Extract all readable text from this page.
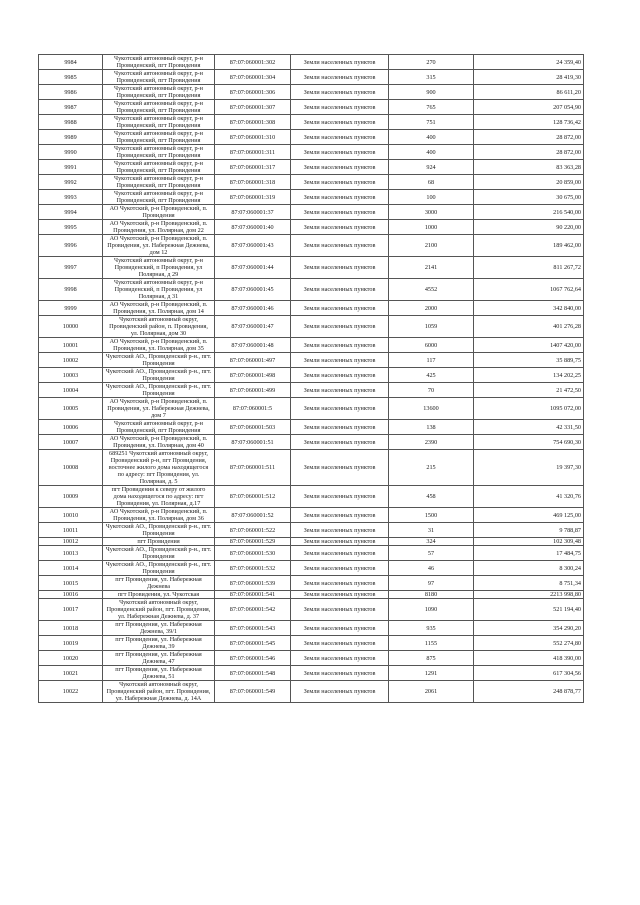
9984	Чукотский автономный округ, р-н Провиденский, пгт Провидения	87:07:060001:302	Земли населенных пунктов	270	24 359,40
9985	Чукотский автономный округ, р-н Провиденский, пгт Провидения	87:07:060001:304	Земли населенных пунктов	315	28 419,30
9986	Чукотский автономный округ, р-н Провиденский, пгт Провидения	87:07:060001:306	Земли населенных пунктов	900	86 611,20
9987	Чукотский автономный округ, р-н Провиденский, пгт Провидения	87:07:060001:307	Земли населенных пунктов	765	207 054,90
9988	Чукотский автономный округ, р-н Провиденский, пгт Провидения	87:07:060001:308	Земли населенных пунктов	751	128 736,42
9989	Чукотский автономный округ, р-н Провиденский, пгт Провидения	87:07:060001:310	Земли населенных пунктов	400	28 872,00
9990	Чукотский автономный округ, р-н Провиденский, пгт Провидения	87:07:060001:311	Земли населенных пунктов	400	28 872,00
9991	Чукотский автономный округ, р-н Провиденский, пгт Провидения	87:07:060001:317	Земли населенных пунктов	924	83 363,28
9992	Чукотский автономный округ, р-н Провиденский, пгт Провидения	87:07:060001:318	Земли населенных пунктов	68	20 859,00
9993	Чукотский автономный округ, р-н Провиденский, пгт Провидения	87:07:060001:319	Земли населенных пунктов	100	30 675,00
9994	АО Чукотский, р-н Провиденский, п. Провидения	87:07:060001:37	Земли населенных пунктов	3000	216 540,00
9995	АО Чукотский, р-н Провиденский, п. Провидения, ул. Полярная, дом 22	87:07:060001:40	Земли населенных пунктов	1000	90 220,00
9996	АО Чукотский, р-н Провиденский, п. Провидения, ул. Набережная Дежнева, дом 12	87:07:060001:43	Земли населенных пунктов	2100	189 462,00
9997	Чукотский автономный округ, р-н Провиденский, п Провидения, ул Полярная, д 29	87:07:060001:44	Земли населенных пунктов	2141	811 267,72
9998	Чукотский автономный округ, р-н Провиденский, п Провидения, ул Полярная, д 31	87:07:060001:45	Земли населенных пунктов	4552	1067 762,64
9999	АО Чукотский, р-н Провиденский, п. Провидения, ул. Полярная, дом 14	87:07:060001:46	Земли населенных пунктов	2000	342 840,00
10000	Чукотский автономный округ, Провиденский район, п. Провидения, ул. Полярная, дом 30	87:07:060001:47	Земли населенных пунктов	1059	401 276,28
10001	АО Чукотский, р-н Провиденский, п. Провидения, ул. Полярная, дом 35	87:07:060001:48	Земли населенных пунктов	6000	1407 420,00
10002	Чукотский АО., Провиденский р-н., пгт. Провидения	87:07:060001:497	Земли населенных пунктов	117	35 889,75
10003	Чукотский АО., Провиденский р-н., пгт. Провидения	87:07:060001:498	Земли населенных пунктов	425	134 202,25
10004	Чукотский АО., Провиденский р-н., пгт. Провидения	87:07:060001:499	Земли населенных пунктов	70	21 472,50
10005	АО Чукотский, р-н Провиденский, п. Провидения, ул. Набережная Дежнева, дом 7	87:07:060001:5	Земли населенных пунктов	13600	1095 072,00
10006	Чукотский автономный округ, р-н Провиденский, пгт Провидения	87:07:060001:503	Земли населенных пунктов	138	42 331,50
10007	АО Чукотский, р-н Провиденский, п. Провидения, ул. Полярная, дом 40	87:07:060001:51	Земли населенных пунктов	2390	754 690,30
10008	689251 Чукотский автономный округ, Провиденский р-н, пгт Провидения, восточнее жилого дома находящегося по адресу: пгт Провидения, ул. Полярная, д. 5	87:07:060001:511	Земли населенных пунктов	215	19 397,30
10009	пгт Провидения к северу от жилого дома находящегося по адресу: пгт Провидения, ул. Полярная, д.17	87:07:060001:512	Земли населенных пунктов	458	41 320,76
10010	АО Чукотский, р-н Провиденский, п. Провидения, ул. Полярная, дом 36	87:07:060001:52	Земли населенных пунктов	1500	469 125,00
10011	Чукотский АО., Провиденский р-н., пгт. Провидения	87:07:060001:522	Земли населенных пунктов	31	9 788,87
10012	пгт Провидения	87:07:060001:529	Земли населенных пунктов	324	102 309,48
10013	Чукотский АО., Провиденский р-н., пгт. Провидения	87:07:060001:530	Земли населенных пунктов	57	17 484,75
10014	Чукотский АО., Провиденский р-н., пгт. Провидения	87:07:060001:532	Земли населенных пунктов	46	8 300,24
10015	пгт Провидения, ул. Набережная Дежнева	87:07:060001:539	Земли населенных пунктов	97	8 751,34
10016	пгт Провидения, ул. Чукотская	87:07:060001:541	Земли населенных пунктов	8180	2213 998,80
10017	Чукотский автономный округ, Провиденский район, пгт. Провидения, ул. Набережная Дежнева, д. 37	87:07:060001:542	Земли населенных пунктов	1090	521 194,40
10018	пгт Провидения, ул. Набережная Дежнева, 39/1	87:07:060001:543	Земли населенных пунктов	935	354 290,20
10019	пгт Провидения, ул. Набережная Дежнева, 39	87:07:060001:545	Земли населенных пунктов	1155	552 274,80
10020	пгт Провидения, ул. Набережная Дежнева, 47	87:07:060001:546	Земли населенных пунктов	875	418 390,00
10021	пгт Провидения, ул. Набережная Дежнева, 51	87:07:060001:548	Земли населенных пунктов	1291	617 304,56
10022	Чукотский автономный округ, Провиденский район, пгт. Провидения, ул. Набережная Дежнева, д. 14А	87:07:060001:549	Земли населенных пунктов	2061	248 878,77
